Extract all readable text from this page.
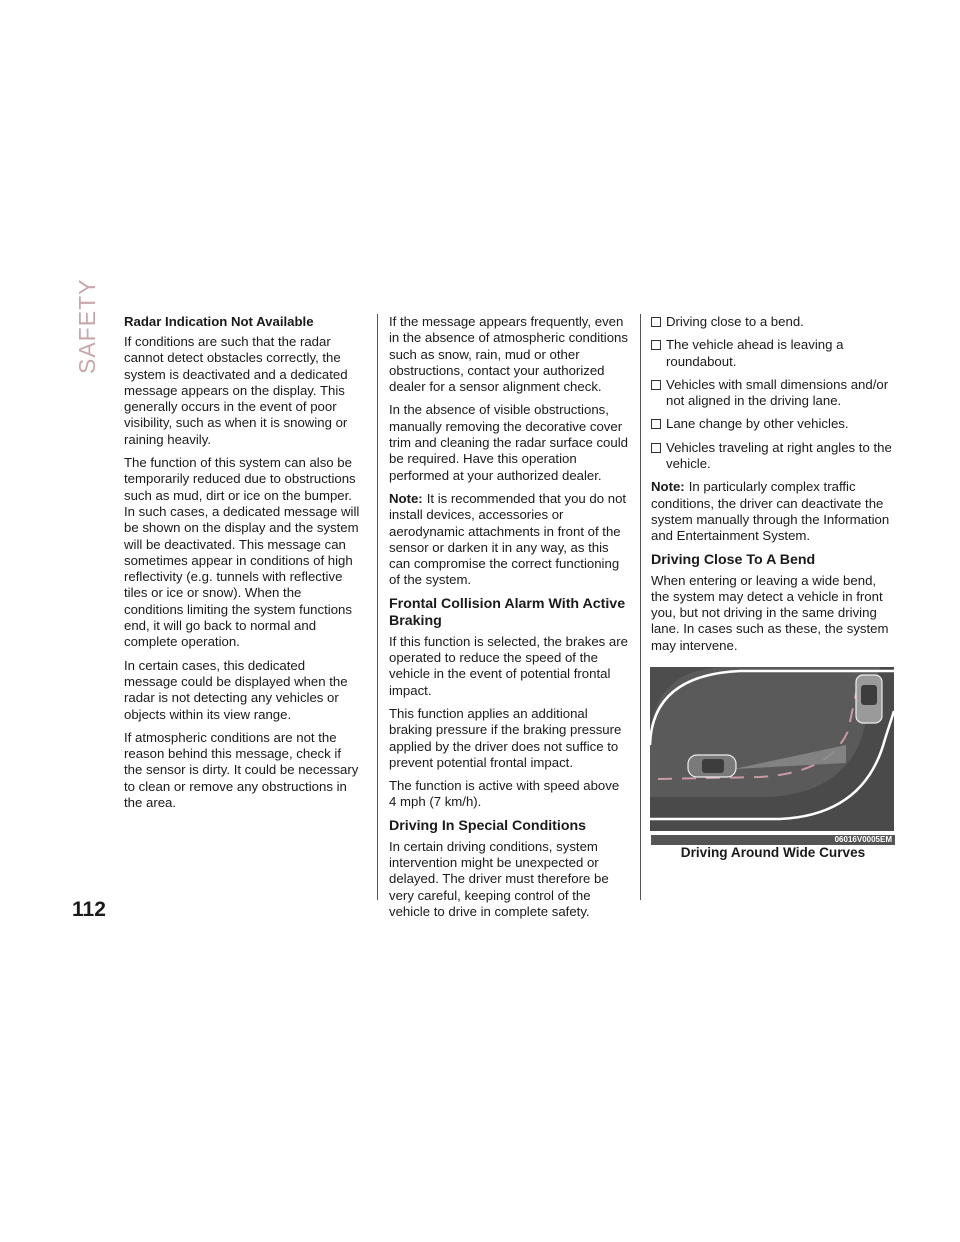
SAFETY Radar Indication Not Available

If conditions are such that the radar cannot detect obstacles correctly, the system is deactivated and a dedicated message appears on the display. This generally occurs in the event of poor visibility, such as when it is snowing or raining heavily.

The function of this system can also be temporarily reduced due to obstructions such as mud, dirt or ice on the bumper. In such cases, a dedicated message will be shown on the display and the system will be deactivated. This message can sometimes appear in conditions of high reflectivity (e.g. tunnels with reflective tiles or ice or snow). When the conditions limiting the system functions end, it will go back to normal and complete operation.

In certain cases, this dedicated message could be displayed when the radar is not detecting any vehicles or objects within its view range.

If atmospheric conditions are not the reason behind this message, check if the sensor is dirty. It could be necessary to clean or remove any obstructions in the area.

If the message appears frequently, even in the absence of atmospheric conditions such as snow, rain, mud or other obstructions, contact your authorized dealer for a sensor alignment check.

In the absence of visible obstructions, manually removing the decorative cover trim and cleaning the radar surface could be required. Have this operation performed at your authorized dealer.

Note: It is recommended that you do not install devices, accessories or aerodynamic attachments in front of the sensor or darken it in any way, as this can compromise the correct functioning of the system.

Frontal Collision Alarm With Active Braking

If this function is selected, the brakes are operated to reduce the speed of the vehicle in the event of potential frontal impact.

This function applies an additional braking pressure if the braking pressure applied by the driver does not suffice to prevent potential frontal impact.

The function is active with speed above 4 mph (7 km/h).

Driving In Special Conditions

In certain driving conditions, system intervention might be unexpected or delayed. The driver must therefore be very careful, keeping control of the vehicle to drive in complete safety.

Driving close to a bend.
The vehicle ahead is leaving a roundabout.
Vehicles with small dimensions and/or not aligned in the driving lane.
Lane change by other vehicles.
Vehicles traveling at right angles to the vehicle.

Note: In particularly complex traffic conditions, the driver can deactivate the system manually through the Information and Entertainment System.

Driving Close To A Bend

When entering or leaving a wide bend, the system may detect a vehicle in front you, but not driving in the same driving lane. In cases such as these, the system may intervene.

06016V0005EM
Driving Around Wide Curves
112
